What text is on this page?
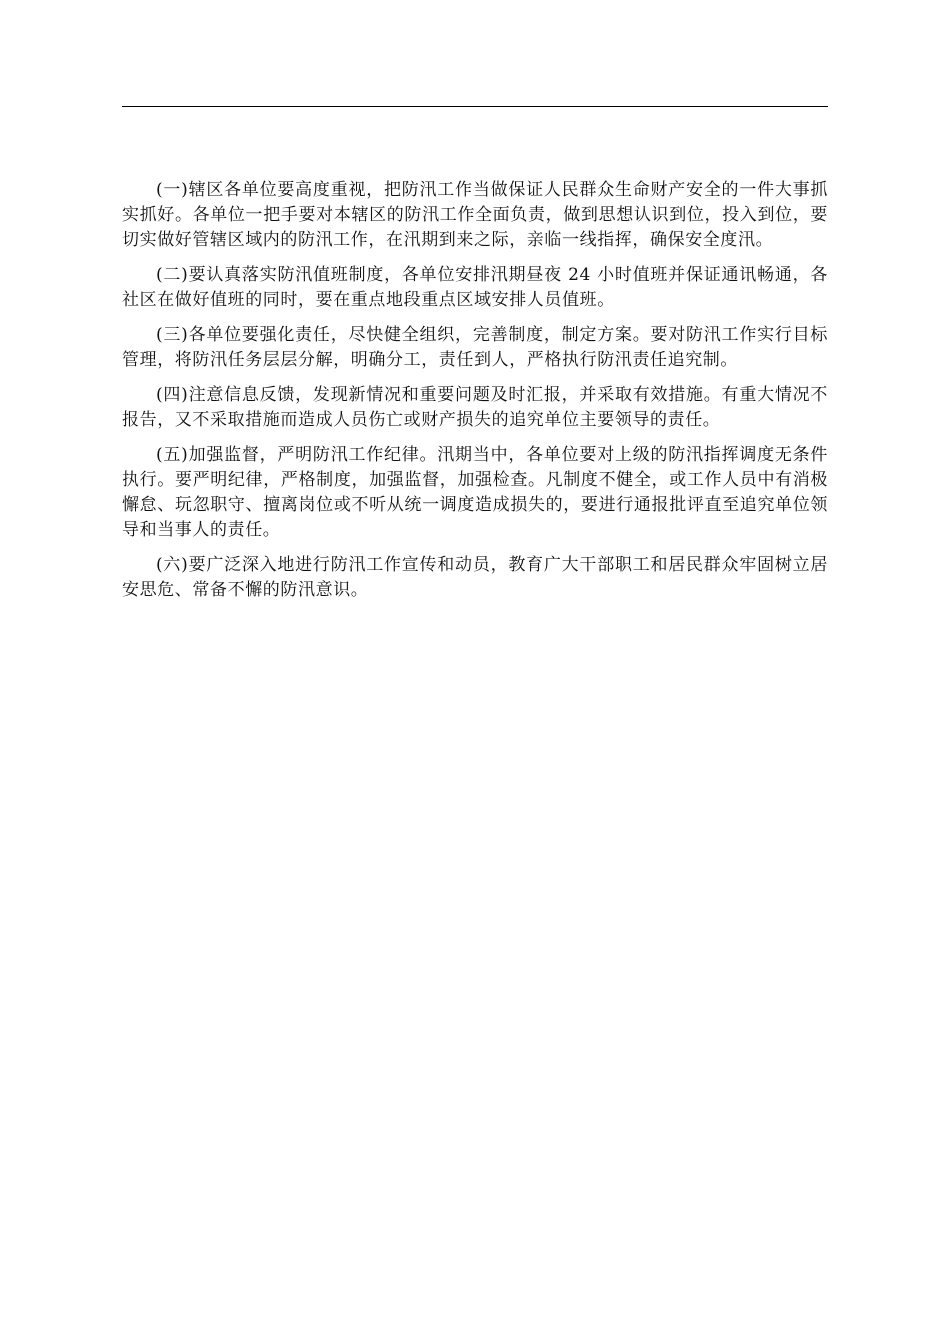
(一)辖区各单位要高度重视，把防汛工作当做保证人民群众生命财产安全的一件大事抓实抓好。各单位一把手要对本辖区的防汛工作全面负责，做到思想认识到位，投入到位，要切实做好管辖区域内的防汛工作，在汛期到来之际，亲临一线指挥，确保安全度汛。

(二)要认真落实防汛值班制度，各单位安排汛期昼夜 24 小时值班并保证通讯畅通，各社区在做好值班的同时，要在重点地段重点区域安排人员值班。

(三)各单位要强化责任，尽快健全组织，完善制度，制定方案。要对防汛工作实行目标管理，将防汛任务层层分解，明确分工，责任到人，严格执行防汛责任追究制。

(四)注意信息反馈，发现新情况和重要问题及时汇报，并采取有效措施。有重大情况不报告，又不采取措施而造成人员伤亡或财产损失的追究单位主要领导的责任。

(五)加强监督，严明防汛工作纪律。汛期当中，各单位要对上级的防汛指挥调度无条件执行。要严明纪律，严格制度，加强监督，加强检查。凡制度不健全，或工作人员中有消极懈怠、玩忽职守、擅离岗位或不听从统一调度造成损失的，要进行通报批评直至追究单位领导和当事人的责任。

(六)要广泛深入地进行防汛工作宣传和动员，教育广大干部职工和居民群众牢固树立居安思危、常备不懈的防汛意识。
